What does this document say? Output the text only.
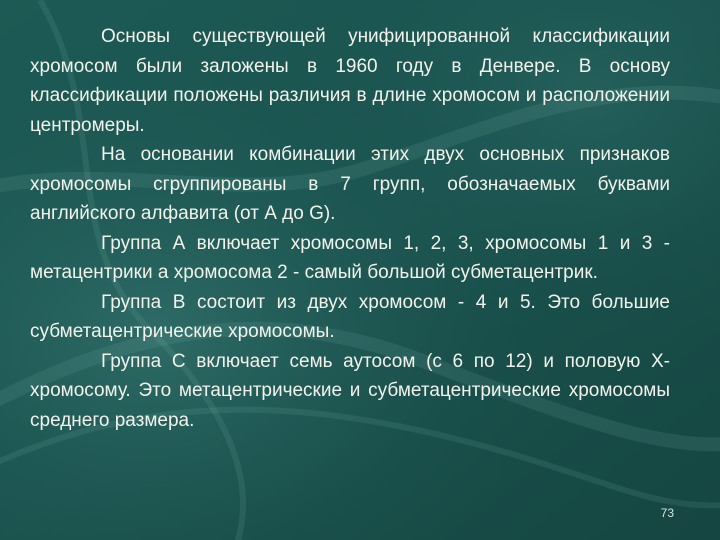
Основы существующей унифицированной классификации хромосом были заложены в 1960 году в Денвере. В основу классификации положены различия в длине хромосом и расположении центромеры.

На основании комбинации этих двух основных признаков хромосомы сгруппированы в 7 групп, обозначаемых буквами английского алфавита (от А до G).

Группа А включает хромосомы 1, 2, 3, хромосомы 1 и 3 - метацентрики а хромосома 2 - самый большой субметацентрик.

Группа В состоит из двух хромосом - 4 и 5. Это большие субметацентрические хромосомы.

Группа С включает семь аутосом (с 6 по 12) и половую Х-хромосому. Это метацентрические и субметацентрические хромосомы среднего размера.

73
